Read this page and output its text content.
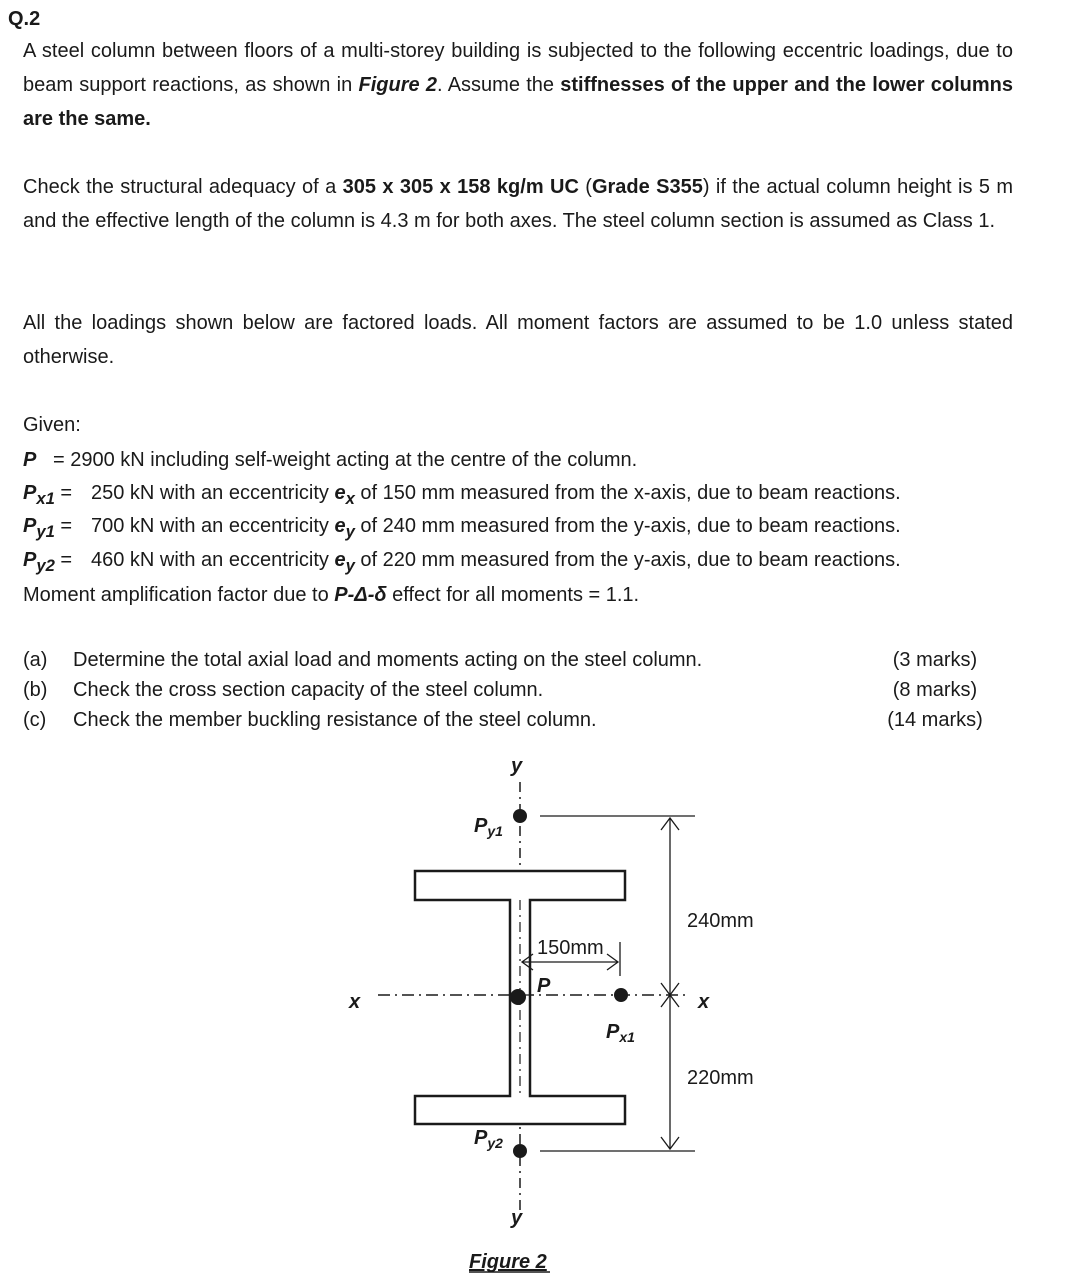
Q.2

A steel column between floors of a multi-storey building is subjected to the following eccentric loadings, due to beam support reactions, as shown in Figure 2. Assume the stiffnesses of the upper and the lower columns are the same.

Check the structural adequacy of a 305 x 305 x 158 kg/m UC (Grade S355) if the actual column height is 5 m and the effective length of the column is 4.3 m for both axes. The steel column section is assumed as Class 1.

All the loadings shown below are factored loads. All moment factors are assumed to be 1.0 unless stated otherwise.

Given:
P = 2900 kN including self-weight acting at the centre of the column.
$P_{x1} = 250$ kN with an eccentricity $e_x$ of 150 mm measured from the x-axis, due to beam reactions.
$P_{y1} = 700$ kN with an eccentricity $e_y$ of 240 mm measured from the y-axis, due to beam reactions.
$P_{y2} = 460$ kN with an eccentricity $e_y$ of 220 mm measured from the y-axis, due to beam reactions.
Moment amplification factor due to P-Δ-δ effect for all moments = 1.1.
(a) Determine the total axial load and moments acting on the steel column.
(b) Check the cross section capacity of the steel column.
(c) Check the member buckling resistance of the steel column.
(3 marks)
(8 marks)
(14 marks)
y
y
x	x
$P_{y1}$
$P_{y2}$
$P_{x1}$
P
150mm
240mm
220mm
Figure 2
